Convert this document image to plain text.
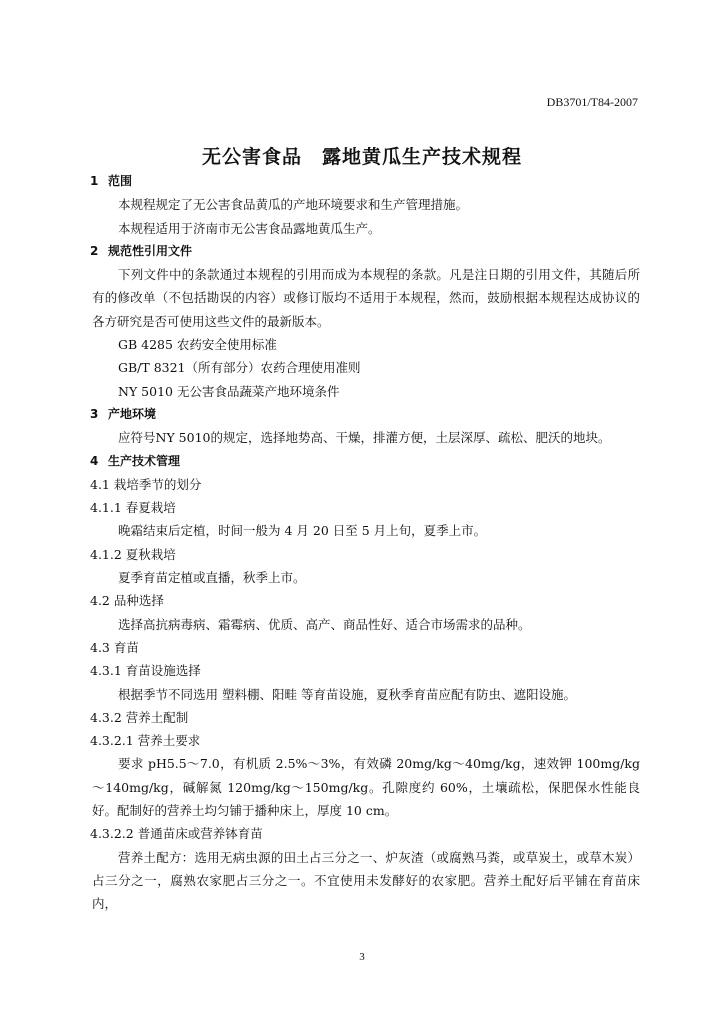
DB3701/T84-2007
无公害食品　露地黄瓜生产技术规程
1 范围
本规程规定了无公害食品黄瓜的产地环境要求和生产管理措施。
本规程适用于济南市无公害食品露地黄瓜生产。
2 规范性引用文件
下列文件中的条款通过本规程的引用而成为本规程的条款。凡是注日期的引用文件，其随后所有的修改单（不包括勘误的内容）或修订版均不适用于本规程，然而，鼓励根据本规程达成协议的各方研究是否可使用这些文件的最新版本。
GB 4285 农药安全使用标准
GB/T 8321（所有部分）农药合理使用准则
NY 5010 无公害食品蔬菜产地环境条件
3 产地环境
应符号NY 5010的规定，选择地势高、干燥，排灌方便，土层深厚、疏松、肥沃的地块。
4 生产技术管理
4.1 栽培季节的划分
4.1.1 春夏栽培
晚霜结束后定植，时间一般为 4 月 20 日至 5 月上旬，夏季上市。
4.1.2 夏秋栽培
夏季育苗定植或直播，秋季上市。
4.2 品种选择
选择高抗病毒病、霜霉病、优质、高产、商品性好、适合市场需求的品种。
4.3 育苗
4.3.1 育苗设施选择
根据季节不同选用 塑料棚、阳畦 等育苗设施，夏秋季育苗应配有防虫、遮阳设施。
4.3.2 营养土配制
4.3.2.1 营养土要求
要求 pH5.5～7.0，有机质 2.5%～3%，有效磷 20mg/kg～40mg/kg，速效钾 100mg/kg～140mg/kg，碱解氮 120mg/kg～150mg/kg。孔隙度约 60%，土壤疏松，保肥保水性能良好。配制好的营养土均匀铺于播种床上，厚度 10 cm。
4.3.2.2 普通苗床或营养钵育苗
营养土配方：选用无病虫源的田土占三分之一、炉灰渣（或腐熟马粪，或草炭土，或草木炭）占三分之一，腐熟农家肥占三分之一。不宜使用未发酵好的农家肥。营养土配好后平铺在育苗床内，
3
